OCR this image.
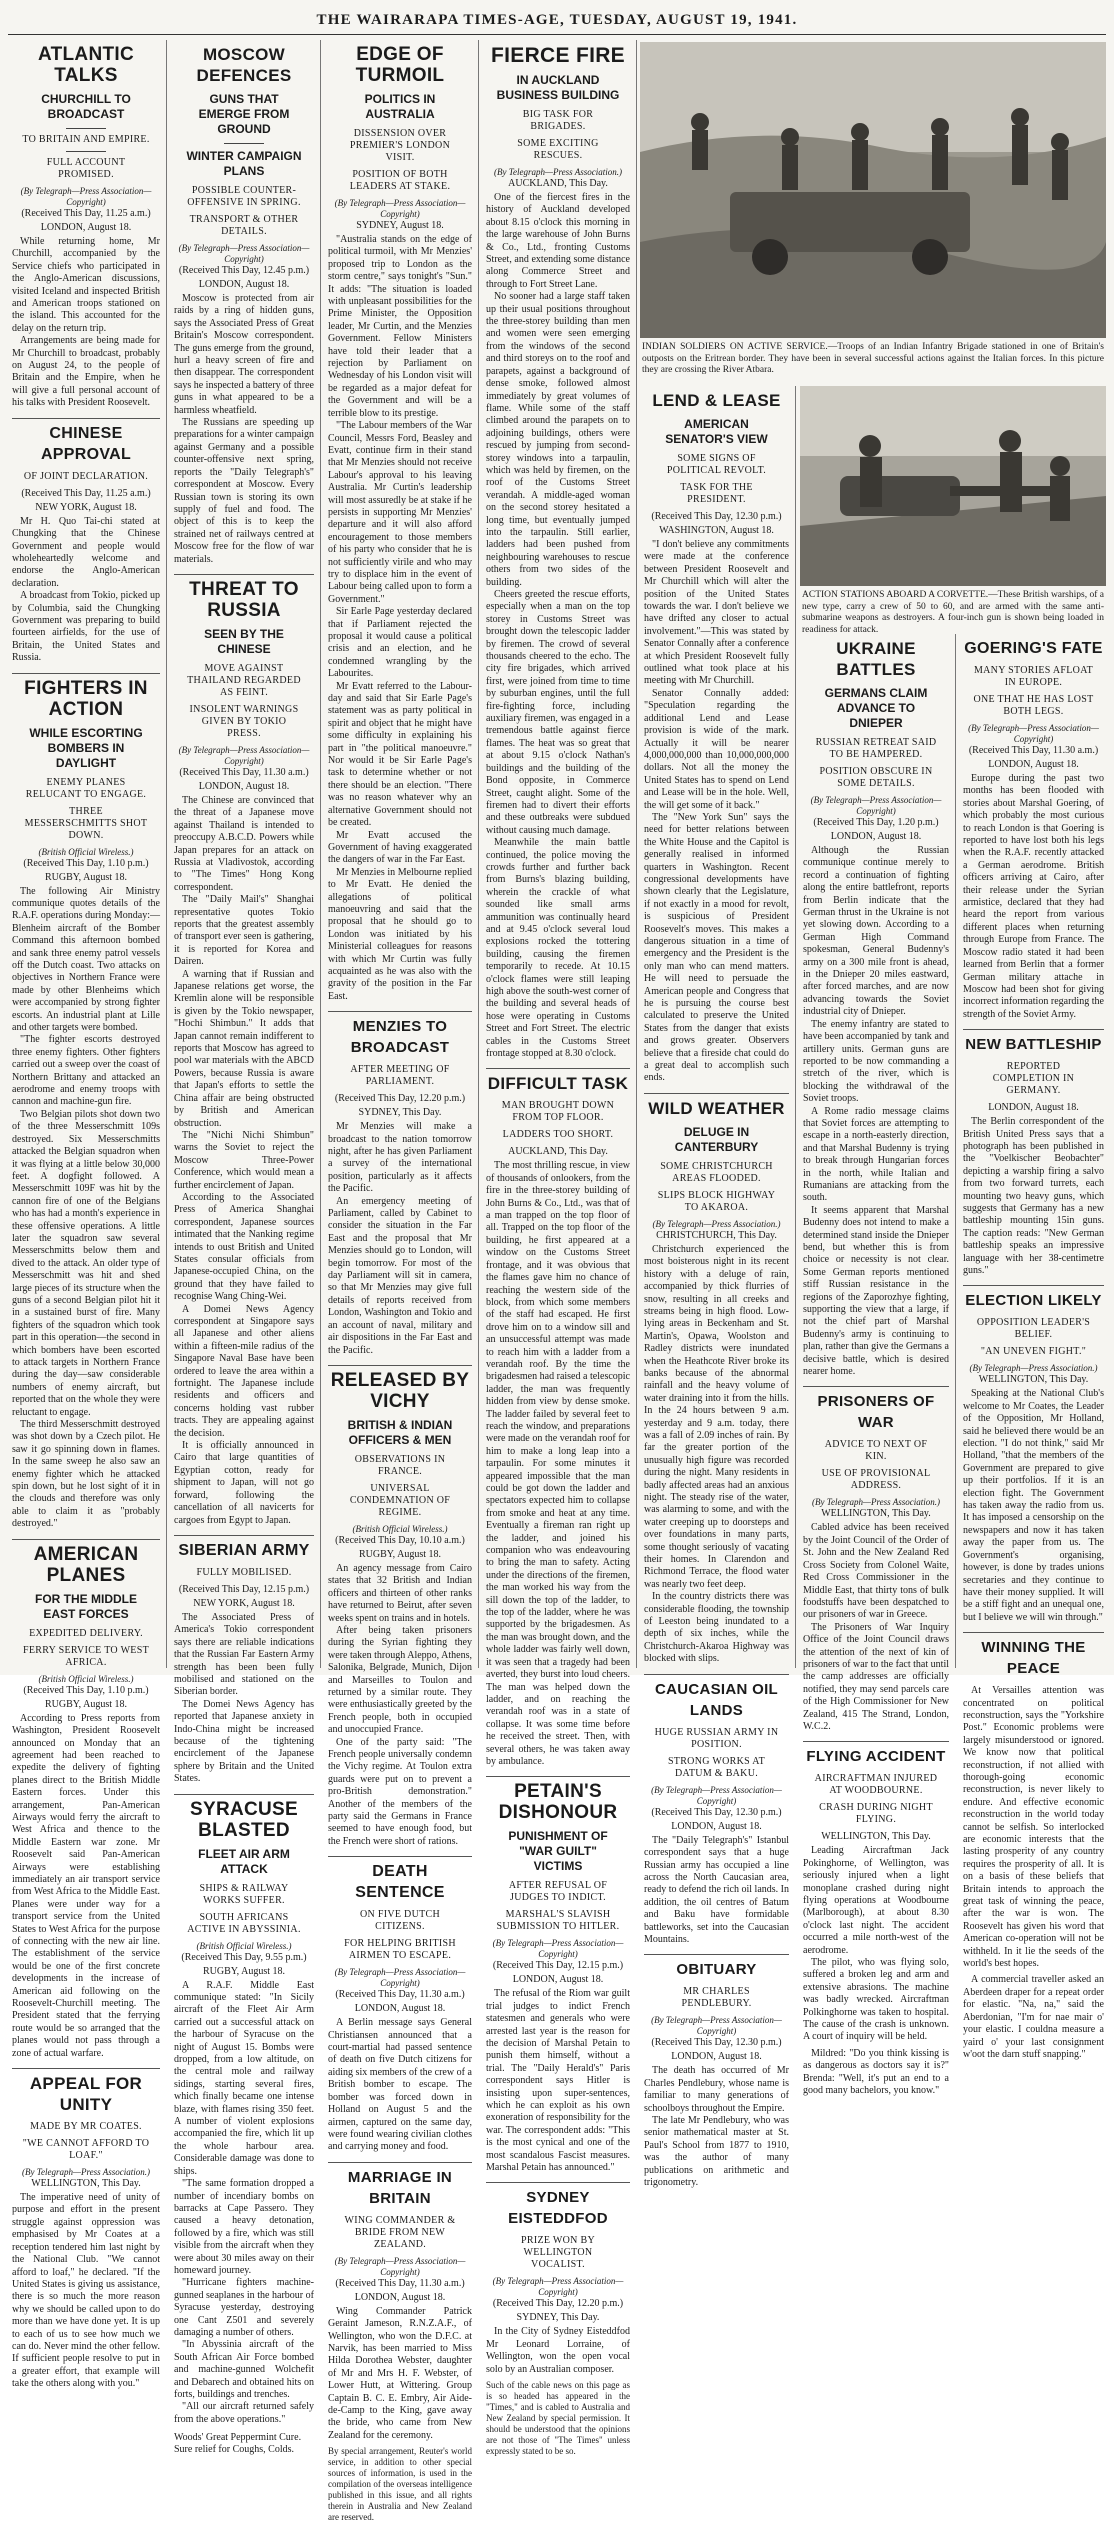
THE WAIRARAPA TIMES-AGE, TUESDAY, AUGUST 19, 1941.
ATLANTIC TALKS
CHURCHILL TO BROADCAST
TO BRITAIN AND EMPIRE.
FULL ACCOUNT PROMISED.
(By Telegraph—Press Association—Copyright)
(Received This Day, 11.25 a.m.)
LONDON, August 18.

While returning home, Mr Churchill, accompanied by the Service chiefs who participated in the Anglo-American discussions, visited Iceland and inspected British and American troops stationed on the island. This accounted for the delay on the return trip.

Arrangements are being made for Mr Churchill to broadcast, probably on August 24, to the people of Britain and the Empire, when he will give a full personal account of his talks with President Roosevelt.

CHINESE APPROVAL
OF JOINT DECLARATION.
(Received This Day, 11.25 a.m.)
NEW YORK, August 18.

Mr H. Quo Tai-chi stated at Chungking that the Chinese Government and people would wholeheartedly welcome and endorse the Anglo-American declaration.

A broadcast from Tokio, picked up by Columbia, said the Chungking Government was preparing to build fourteen airfields, for the use of Britain, the United States and Russia.

FIGHTERS IN ACTION
WHILE ESCORTING BOMBERS IN DAYLIGHT
ENEMY PLANES RELUCANT TO ENGAGE.
THREE MESSERSCHMITTS SHOT DOWN.
(British Official Wireless.)
(Received This Day, 1.10 p.m.)
RUGBY, August 18.

The following Air Ministry communique quotes details of the R.A.F. operations during Monday:—Blenheim aircraft of the Bomber Command this afternoon bombed and sank three enemy patrol vessels off the Dutch coast. Two attacks on objectives in Northern France were made by other Blenheims which were accompanied by strong fighter escorts. An industrial plant at Lille and other targets were bombed.

"The fighter escorts destroyed three enemy fighters. Other fighters carried out a sweep over the coast of Northern Brittany and attacked an aerodrome and enemy troops with cannon and machine-gun fire.

Two Belgian pilots shot down two of the three Messerschmitt 109s destroyed. Six Messerschmitts attacked the Belgian squadron when it was flying at a little below 30,000 feet. A dogfight followed. A Messerschmitt 109F was hit by the cannon fire of one of the Belgians who has had a month's experience in these offensive operations. A little later the squadron saw several Messerschmitts below them and dived to the attack. An older type of Messerschmitt was hit and shed large pieces of its structure when the guns of a second Belgian pilot hit it in a sustained burst of fire. Many fighters of the squadron which took part in this operation—the second in which bombers have been escorted to attack targets in Northern France during the day—saw considerable numbers of enemy aircraft, but reported that on the whole they were reluctant to engage.

The third Messerschmitt destroyed was shot down by a Czech pilot. He saw it go spinning down in flames. In the same sweep he also saw an enemy fighter which he attacked spin down, but he lost sight of it in the clouds and therefore was only able to claim it as "probably destroyed."

AMERICAN PLANES
FOR THE MIDDLE EAST FORCES
EXPEDITED DELIVERY.
FERRY SERVICE TO WEST AFRICA.
(British Official Wireless.)
(Received This Day, 1.10 p.m.)
RUGBY, August 18.

According to Press reports from Washington, President Roosevelt announced on Monday that an agreement had been reached to expedite the delivery of fighting planes direct to the British Middle Eastern forces. Under this arrangement, Pan-American Airways would ferry the aircraft to West Africa and thence to the Middle Eastern war zone. Mr Roosevelt said Pan-American Airways were establishing immediately an air transport service from West Africa to the Middle East. Planes were under way for a transport service from the United States to West Africa for the purpose of connecting with the new air line. The establishment of the service would be one of the first concrete developments in the increase of American aid following on the Roosevelt-Churchill meeting. The President stated that the ferrying route would be so arranged that the planes would not pass through a zone of actual warfare.

APPEAL FOR UNITY
MADE BY MR COATES.
"WE CANNOT AFFORD TO LOAF."
(By Telegraph—Press Association.)
WELLINGTON, This Day.

The imperative need of unity of purpose and effort in the present struggle against oppression was emphasised by Mr Coates at a reception tendered him last night by the National Club. "We cannot afford to loaf," he declared. "If the United States is giving us assistance, there is so much the more reason why we should be called upon to do more than we have done yet. It is up to each of us to see how much we can do. Never mind the other fellow. If sufficient people resolve to put in a greater effort, that example will take the others along with you."

MOSCOW DEFENCES
GUNS THAT EMERGE FROM GROUND
WINTER CAMPAIGN PLANS
POSSIBLE COUNTER-OFFENSIVE IN SPRING.
TRANSPORT & OTHER DETAILS.
(By Telegraph—Press Association—Copyright)
(Received This Day, 12.45 p.m.)
LONDON, August 18.

Moscow is protected from air raids by a ring of hidden guns, says the Associated Press of Great Britain's Moscow correspondent. The guns emerge from the ground, hurl a heavy screen of fire and then disappear. The correspondent says he inspected a battery of three guns in what appeared to be a harmless wheatfield.

The Russians are speeding up preparations for a winter campaign against Germany and a possible counter-offensive next spring, reports the "Daily Telegraph's" correspondent at Moscow. Every Russian town is storing its own supply of fuel and food. The object of this is to keep the strained net of railways centred at Moscow free for the flow of war materials.

THREAT TO RUSSIA
SEEN BY THE CHINESE
MOVE AGAINST THAILAND REGARDED AS FEINT.
INSOLENT WARNINGS GIVEN BY TOKIO PRESS.
(By Telegraph—Press Association—Copyright)
(Received This Day, 11.30 a.m.)
LONDON, August 18.

The Chinese are convinced that the threat of a Japanese move against Thailand is intended to preoccupy A.B.C.D. Powers while Japan prepares for an attack on Russia at Vladivostok, according to "The Times" Hong Kong correspondent.

The "Daily Mail's" Shanghai representative quotes Tokio reports that the greatest assembly of transport ever seen is gathering, it is reported for Korea and Dairen.

A warning that if Russian and Japanese relations get worse, the Kremlin alone will be responsible is given by the Tokio newspaper, "Hochi Shimbun." It adds that Japan cannot remain indifferent to reports that Moscow has agreed to pool war materials with the ABCD Powers, because Russia is aware that Japan's efforts to settle the China affair are being obstructed by British and American obstruction.

The "Nichi Nichi Shimbun" warns the Soviet to reject the Moscow Three-Power Conference, which would mean a further encirclement of Japan.

According to the Associated Press of America Shanghai correspondent, Japanese sources intimated that the Nanking regime intends to oust British and United States consular officials from Japanese-occupied China, on the ground that they have failed to recognise Wang Ching-Wei.

A Domei News Agency correspondent at Singapore says all Japanese and other aliens within a fifteen-mile radius of the Singapore Naval Base have been ordered to leave the area within a fortnight. The Japanese include residents and officers and concerns holding vast rubber tracts. They are appealing against the decision.

It is officially announced in Cairo that large quantities of Egyptian cotton, ready for shipment to Japan, will not go forward, following the cancellation of all navicerts for cargoes from Egypt to Japan.

SIBERIAN ARMY
FULLY MOBILISED.
(Received This Day, 12.15 p.m.)
NEW YORK, August 18.

The Associated Press of America's Tokio correspondent says there are reliable indications that the Russian Far Eastern Army strength has been been fully mobilised and stationed on the Siberian border.

The Domei News Agency has reported that Japanese anxiety in Indo-China might be increased because of the tightening encirclement of the Japanese sphere by Britain and the United States.

SYRACUSE BLASTED
FLEET AIR ARM ATTACK
SHIPS & RAILWAY WORKS SUFFER.
SOUTH AFRICANS ACTIVE IN ABYSSINIA.
(British Official Wireless.)
(Received This Day, 9.55 p.m.)
RUGBY, August 18.

A R.A.F. Middle East communique stated: "In Sicily aircraft of the Fleet Air Arm carried out a successful attack on the harbour of Syracuse on the night of August 15. Bombs were dropped, from a low altitude, on the central mole and railway sidings, starting several fires, which finally became one intense blaze, with flames rising 350 feet. A number of violent explosions accompanied the fire, which lit up the whole harbour area. Considerable damage was done to ships.

"The same formation dropped a number of incendiary bombs on barracks at Cape Passero. They caused a heavy detonation, followed by a fire, which was still visible from the aircraft when they were about 30 miles away on their homeward journey.

"Hurricane fighters machine-gunned seaplanes in the harbour of Syracuse yesterday, destroying one Cant Z501 and severely damaging a number of others.

"In Abyssinia aircraft of the South African Air Force bombed and machine-gunned Wolchefit and Debarech and obtained hits on forts, buildings and trenches.

"All our aircraft returned safely from the above operations."

Woods' Great Peppermint Cure. Sure relief for Coughs, Colds.

EDGE OF TURMOIL
POLITICS IN AUSTRALIA
DISSENSION OVER PREMIER'S LONDON VISIT.
POSITION OF BOTH LEADERS AT STAKE.
(By Telegraph—Press Association—Copyright)
SYDNEY, August 18.

"Australia stands on the edge of political turmoil, with Mr Menzies' proposed trip to London as the storm centre," says tonight's "Sun." It adds: "The situation is loaded with unpleasant possibilities for the Prime Minister, the Opposition leader, Mr Curtin, and the Menzies Government. Fellow Ministers have told their leader that a rejection by Parliament on Wednesday of his London visit will be regarded as a major defeat for the Government and will be a terrible blow to its prestige.

"The Labour members of the War Council, Messrs Ford, Beasley and Evatt, continue firm in their stand that Mr Menzies should not receive Labour's approval to his leaving Australia. Mr Curtin's leadership will most assuredly be at stake if he persists in supporting Mr Menzies' departure and it will also afford encouragement to those members of his party who consider that he is not sufficiently virile and who may try to displace him in the event of Labour being called upon to form a Government."

Sir Earle Page yesterday declared that if Parliament rejected the proposal it would cause a political crisis and an election, and he condemned wrangling by the Labourites.

Mr Evatt referred to the Labour-day and said that Sir Earle Page's statement was as party political in spirit and object that he might have some difficulty in explaining his part in "the political manoeuvre." Nor would it be Sir Earle Page's task to determine whether or not there should be an election. "There was no reason whatever why an alternative Government should not be created.

Mr Evatt accused the Government of having exaggerated the dangers of war in the Far East.

Mr Menzies in Melbourne replied to Mr Evatt. He denied the allegations of political manoeuvring and said that the proposal that he should go to London was initiated by his Ministerial colleagues for reasons with which Mr Curtin was fully acquainted as he was also with the gravity of the position in the Far East.

MENZIES TO BROADCAST
AFTER MEETING OF PARLIAMENT.
(Received This Day, 12.20 p.m.)
SYDNEY, This Day.

Mr Menzies will make a broadcast to the nation tomorrow night, after he has given Parliament a survey of the international position, particularly as it affects the Pacific.

An emergency meeting of Parliament, called by Cabinet to consider the situation in the Far East and the proposal that Mr Menzies should go to London, will begin tomorrow. For most of the day Parliament will sit in camera, so that Mr Menzies may give full details of reports received from London, Washington and Tokio and an account of naval, military and air dispositions in the Far East and the Pacific.

RELEASED BY VICHY
BRITISH & INDIAN OFFICERS & MEN
OBSERVATIONS IN FRANCE.
UNIVERSAL CONDEMNATION OF REGIME.
(British Official Wireless.)
(Received This Day, 10.10 a.m.)
RUGBY, August 18.

An agency message from Cairo states that 32 British and Indian officers and thirteen of other ranks have returned to Beirut, after seven weeks spent on trains and in hotels.

After being taken prisoners during the Syrian fighting they were taken through Aleppo, Athens, Salonika, Belgrade, Munich, Dijon and Marseilles to Toulon and returned by a similar route. They were enthusiastically greeted by the French people, both in occupied and unoccupied France.

One of the party said: "The French people universally condemn the Vichy regime. At Toulon extra guards were put on to prevent a pro-British demonstration." Another of the members of the party said the Germans in France seemed to have enough food, but the French were short of rations.

DEATH SENTENCE
ON FIVE DUTCH CITIZENS.
FOR HELPING BRITISH AIRMEN TO ESCAPE.
(By Telegraph—Press Association—Copyright)
(Received This Day, 11.30 a.m.)
LONDON, August 18.

A Berlin message says General Christiansen announced that a court-martial had passed sentence of death on five Dutch citizens for aiding six members of the crew of a British bomber to escape. The bomber was forced down in Holland on August 5 and the airmen, captured on the same day, were found wearing civilian clothes and carrying money and food.

MARRIAGE IN BRITAIN
WING COMMANDER & BRIDE FROM NEW ZEALAND.
(By Telegraph—Press Association—Copyright)
(Received This Day, 11.30 a.m.)
LONDON, August 18.

Wing Commander Patrick Geraint Jameson, R.N.Z.A.F., of Wellington, who won the D.F.C. at Narvik, has been married to Miss Hilda Dorothea Webster, daughter of Mr and Mrs H. F. Webster, of Lower Hutt, at Wittering. Group Captain B. C. E. Embry, Air Aide-de-Camp to the King, gave away the bride, who came from New Zealand for the ceremony.

By special arrangement, Reuter's world service, in addition to other special sources of information, is used in the compilation of the overseas intelligence published in this issue, and all rights therein in Australia and New Zealand are reserved.

FIERCE FIRE
IN AUCKLAND BUSINESS BUILDING
BIG TASK FOR BRIGADES.
SOME EXCITING RESCUES.
(By Telegraph—Press Association.)
AUCKLAND, This Day.

One of the fiercest fires in the history of Auckland developed about 8.15 o'clock this morning in the large warehouse of John Burns & Co., Ltd., fronting Customs Street, and extending some distance along Commerce Street and through to Fort Street Lane.

No sooner had a large staff taken up their usual positions throughout the three-storey building than men and women were seen emerging from the windows of the second and third storeys on to the roof and parapets, against a background of dense smoke, followed almost immediately by great volumes of flame. While some of the staff climbed around the parapets on to adjoining buildings, others were rescued by jumping from second-storey windows into a tarpaulin, which was held by firemen, on the roof of the Customs Street verandah. A middle-aged woman on the second storey hesitated a long time, but eventually jumped into the tarpaulin. Still earlier, ladders had been pushed from neighbouring warehouses to rescue others from two sides of the building.

Cheers greeted the rescue efforts, especially when a man on the top storey in Customs Street was brought down the telescopic ladder by firemen. The crowd of several thousands cheered to the echo. The city fire brigades, which arrived first, were joined from time to time by suburban engines, until the full fire-fighting force, including auxiliary firemen, was engaged in a tremendous battle against fierce flames. The heat was so great that at about 9.15 o'clock Nathan's buildings and the building of the Bond opposite, in Commerce Street, caught alight. Some of the firemen had to divert their efforts and these outbreaks were subdued without causing much damage.

Meanwhile the main battle continued, the police moving the crowds further and further back from Burns's blazing building, wherein the crackle of what sounded like small arms ammunition was continually heard and at 9.45 o'clock several loud explosions rocked the tottering building, causing the firemen temporarily to recede. At 10.15 o'clock flames were still leaping high above the south-west corner of the building and several heads of hose were operating in Customs Street and Fort Street. The electric cables in the Customs Street frontage stopped at 8.30 o'clock.

DIFFICULT TASK
MAN BROUGHT DOWN FROM TOP FLOOR.
LADDERS TOO SHORT.
AUCKLAND, This Day.

The most thrilling rescue, in view of thousands of onlookers, from the fire in the three-storey building of John Burns & Co., Ltd., was that of a man trapped on the top floor of all. Trapped on the top floor of the building, he first appeared at a window on the Customs Street frontage, and it was obvious that the flames gave him no chance of reaching the western side of the block, from which some members of the staff had escaped. He first drove him on to a window sill and an unsuccessful attempt was made to reach him with a ladder from a verandah roof. By the time the brigadesmen had raised a telescopic ladder, the man was frequently hidden from view by dense smoke. The ladder failed by several feet to reach the window, and preparations were made on the verandah roof for him to make a long leap into a tarpaulin. For some minutes it appeared impossible that the man could be got down the ladder and spectators expected him to collapse from smoke and heat at any time. Eventually a fireman ran right up the ladder, and joined his companion who was endeavouring to bring the man to safety. Acting under the directions of the firemen, the man worked his way from the sill down the top of the ladder, to the top of the ladder, where he was supported by the brigadesmen. As the man was brought down, and the whole ladder was fairly well down, it was seen that a tragedy had been averted, they burst into loud cheers. The man was helped down the ladder, and on reaching the verandah roof was in a state of collapse. It was some time before he received the street. Then, with several others, he was taken away by ambulance.

PETAIN'S DISHONOUR
PUNISHMENT OF "WAR GUILT" VICTIMS
AFTER REFUSAL OF JUDGES TO INDICT.
MARSHAL'S SLAVISH SUBMISSION TO HITLER.
(By Telegraph—Press Association—Copyright)
(Received This Day, 12.15 p.m.)
LONDON, August 18.

The refusal of the Riom war guilt trial judges to indict French statesmen and generals who were arrested last year is the reason for the decision of Marshal Petain to punish them himself, without a trial. The "Daily Herald's" Paris correspondent says Hitler is insisting upon super-sentences, which he can exploit as his own exoneration of responsibility for the war. The correspondent adds: "This is the most cynical and one of the most scandalous Fascist measures. Marshal Petain has announced."

SYDNEY EISTEDDFOD
PRIZE WON BY WELLINGTON VOCALIST.
(By Telegraph—Press Association—Copyright)
(Received This Day, 12.20 p.m.)
SYDNEY, This Day.

In the City of Sydney Eisteddfod Mr Leonard Lorraine, of Wellington, won the open vocal solo by an Australian composer.

Such of the cable news on this page as is so headed has appeared in the "Times," and is cabled to Australia and New Zealand by special permission. It should be understood that the opinions are not those of "The Times" unless expressly stated to be so.

INDIAN SOLDIERS ON ACTIVE SERVICE.—Troops of an Indian Infantry Brigade stationed in one of Britain's outposts on the Eritrean border. They have been in several successful actions against the Italian forces. In this picture they are crossing the River Atbara.
LEND & LEASE
AMERICAN SENATOR'S VIEW
SOME SIGNS OF POLITICAL REVOLT.
TASK FOR THE PRESIDENT.
(Received This Day, 12.30 p.m.)
WASHINGTON, August 18.

"I don't believe any commitments were made at the conference between President Roosevelt and Mr Churchill which will alter the position of the United States towards the war. I don't believe we have drifted any closer to actual involvement."—This was stated by Senator Connally after a conference at which President Roosevelt fully outlined what took place at his meeting with Mr Churchill.

Senator Connally added: "Speculation regarding the additional Lend and Lease provision is wide of the mark. Actually it will be nearer 4,000,000,000 than 10,000,000,000 dollars. Not all the money the United States has to spend on Lend and Lease will be in the hole. Well, the will get some of it back."

The "New York Sun" says the need for better relations between the White House and the Capitol is generally realised in informed quarters in Washington. Recent congressional developments have shown clearly that the Legislature, if not exactly in a mood for revolt, is suspicious of President Roosevelt's moves. This makes a dangerous situation in a time of emergency and the President is the only man who can mend matters. He will need to persuade the American people and Congress that he is pursuing the course best calculated to preserve the United States from the danger that exists and grows greater. Observers believe that a fireside chat could do a great deal to accomplish such ends.

WILD WEATHER
DELUGE IN CANTERBURY
SOME CHRISTCHURCH AREAS FLOODED.
SLIPS BLOCK HIGHWAY TO AKAROA.
(By Telegraph—Press Association.)
CHRISTCHURCH, This Day.

Christchurch experienced the most boisterous night in its recent history with a deluge of rain, accompanied by thick flurries of snow, resulting in all creeks and streams being in high flood. Low-lying areas in Beckenham and St. Martin's, Opawa, Woolston and Radley districts were inundated when the Heathcote River broke its banks because of the abnormal rainfall and the heavy volume of water draining into it from the hills. In the 24 hours between 9 a.m. yesterday and 9 a.m. today, there was a fall of 2.09 inches of rain. By far the greater portion of the unusually high figure was recorded during the night. Many residents in badly affected areas had an anxious night. The steady rise of the water, was alarming to some, and with the water creeping up to doorsteps and over foundations in many parts, some thought seriously of vacating their homes. In Clarendon and Richmond Terrace, the flood water was nearly two feet deep.

In the country districts there was considerable flooding, the township of Leeston being inundated to a depth of six inches, while the Christchurch-Akaroa Highway was blocked with slips.

CAUCASIAN OIL LANDS
HUGE RUSSIAN ARMY IN POSITION.
STRONG WORKS AT DATUM & BAKU.
(By Telegraph—Press Association—Copyright)
(Received This Day, 12.30 p.m.)
LONDON, August 18.

The "Daily Telegraph's" Istanbul correspondent says that a huge Russian army has occupied a line across the North Caucasian area, ready to defend the rich oil lands. In addition, the oil centres of Batum and Baku have formidable battleworks, set into the Caucasian Mountains.

OBITUARY
MR CHARLES PENDLEBURY.
(By Telegraph—Press Association—Copyright)
(Received This Day, 12.30 p.m.)
LONDON, August 18.

The death has occurred of Mr Charles Pendlebury, whose name is familiar to many generations of schoolboys throughout the Empire.

The late Mr Pendlebury, who was senior mathematical master at St. Paul's School from 1877 to 1910, was the author of many publications on arithmetic and trigonometry.

ACTION STATIONS ABOARD A CORVETTE.—These British warships, of a new type, carry a crew of 50 to 60, and are armed with the same anti-submarine weapons as destroyers. A four-inch gun is shown being loaded in readiness for attack.
UKRAINE BATTLES
GERMANS CLAIM ADVANCE TO DNIEPER
RUSSIAN RETREAT SAID TO BE HAMPERED.
POSITION OBSCURE IN SOME DETAILS.
(By Telegraph—Press Association—Copyright)
(Received This Day, 1.20 p.m.)
LONDON, August 18.

Although the Russian communique continue merely to record a continuation of fighting along the entire battlefront, reports from Berlin indicate that the German thrust in the Ukraine is not yet slowing down. According to a German High Command spokesman, General Budenny's army on a 300 mile front is ahead, in the Dnieper 20 miles eastward, after forced marches, and are now advancing towards the Soviet industrial city of Dnieper.

The enemy infantry are stated to have been accompanied by tank and artillery units. German guns are reported to be now commanding a stretch of the river, which is blocking the withdrawal of the Soviet troops.

A Rome radio message claims that Soviet forces are attempting to escape in a north-easterly direction, and that Marshal Budenny is trying to break through Hungarian forces in the north, while Italian and Rumanians are attacking from the south.

It seems apparent that Marshal Budenny does not intend to make a determined stand inside the Dnieper bend, but whether this is from choice or necessity is not clear. Some German reports mentioned stiff Russian resistance in the regions of the Zaporozhye fighting, supporting the view that a large, if not the chief part of Marshal Budenny's army is continuing to plan, rather than give the Germans a decisive battle, which is desired nearer home.

PRISONERS OF WAR
ADVICE TO NEXT OF KIN.
USE OF PROVISIONAL ADDRESS.
(By Telegraph—Press Association.)
WELLINGTON, This Day.

Cabled advice has been received by the Joint Council of the Order of St. John and the New Zealand Red Cross Society from Colonel Waite, Red Cross Commissioner in the Middle East, that thirty tons of bulk foodstuffs have been despatched to our prisoners of war in Greece.

The Prisoners of War Inquiry Office of the Joint Council draws the attention of the next of kin of prisoners of war to the fact that until the camp addresses are officially notified, they may send parcels care of the High Commissioner for New Zealand, 415 The Strand, London, W.C.2.

FLYING ACCIDENT
AIRCRAFTMAN INJURED AT WOODBOURNE.
CRASH DURING NIGHT FLYING.
WELLINGTON, This Day.

Leading Aircraftman Jack Pokinghorne, of Wellington, was seriously injured when a light monoplane crashed during night flying operations at Woodbourne (Marlborough), at about 8.30 o'clock last night. The accident occurred a mile north-west of the aerodrome.

The pilot, who was flying solo, suffered a broken leg and arm and extensive abrasions. The machine was badly wrecked. Aircraftman Polkinghorne was taken to hospital. The cause of the crash is unknown. A court of inquiry will be held.

Mildred: "Do you think kissing is as dangerous as doctors say it is?" Brenda: "Well, it's put an end to a good many bachelors, you know."

GOERING'S FATE
MANY STORIES AFLOAT IN EUROPE.
ONE THAT HE HAS LOST BOTH LEGS.
(By Telegraph—Press Association—Copyright)
(Received This Day, 11.30 a.m.)
LONDON, August 18.

Europe during the past two months has been flooded with stories about Marshal Goering, of which probably the most curious to reach London is that Goering is reported to have lost both his legs when the R.A.F. recently attacked a German aerodrome. British officers arriving at Cairo, after their release under the Syrian armistice, declared that they had heard the report from various different places when returning through Europe from France. The Moscow radio stated it had been learned from Berlin that a former German military attache in Moscow had been shot for giving incorrect information regarding the strength of the Soviet Army.

NEW BATTLESHIP
REPORTED COMPLETION IN GERMANY.
LONDON, August 18.

The Berlin correspondent of the British United Press says that a photograph has been published in the "Voelkischer Beobachter" depicting a warship firing a salvo from two forward turrets, each mounting two heavy guns, which suggests that Germany has a new battleship mounting 15in guns. The caption reads: "New German battleship speaks an impressive language with her 38-centimetre guns."

ELECTION LIKELY
OPPOSITION LEADER'S BELIEF.
"AN UNEVEN FIGHT."
(By Telegraph—Press Association.)
WELLINGTON, This Day.

Speaking at the National Club's welcome to Mr Coates, the Leader of the Opposition, Mr Holland, said he believed there would be an election. "I do not think," said Mr Holland, "that the members of the Government are prepared to give up their portfolios. If it is an election fight. The Government has taken away the radio from us. It has imposed a censorship on the newspapers and now it has taken away the paper from us. The Government's organising, however, is done by trades unions secretaries and they continue to have their money supplied. It will be a stiff fight and an unequal one, but I believe we will win through."

WINNING THE PEACE

At Versailles attention was concentrated on political reconstruction, says the "Yorkshire Post." Economic problems were largely misunderstood or ignored. We know now that political reconstruction, if not allied with thorough-going economic reconstruction, is never likely to endure. And effective economic reconstruction in the world today cannot be selfish. So interlocked are economic interests that the lasting prosperity of any country requires the prosperity of all. It is on a basis of these beliefs that Britain intends to approach the great task of winning the peace, after the war is won. The Roosevelt has given his word that American co-operation will not be withheld. In it lie the seeds of the world's best hopes.

A commercial traveller asked an Aberdeen draper for a repeat order for elastic. "Na, na," said the Aberdonian, "I'm for nae mair o' your elastic. I couldna measure a yaird o' your last consignment w'oot the darn stuff snapping."
